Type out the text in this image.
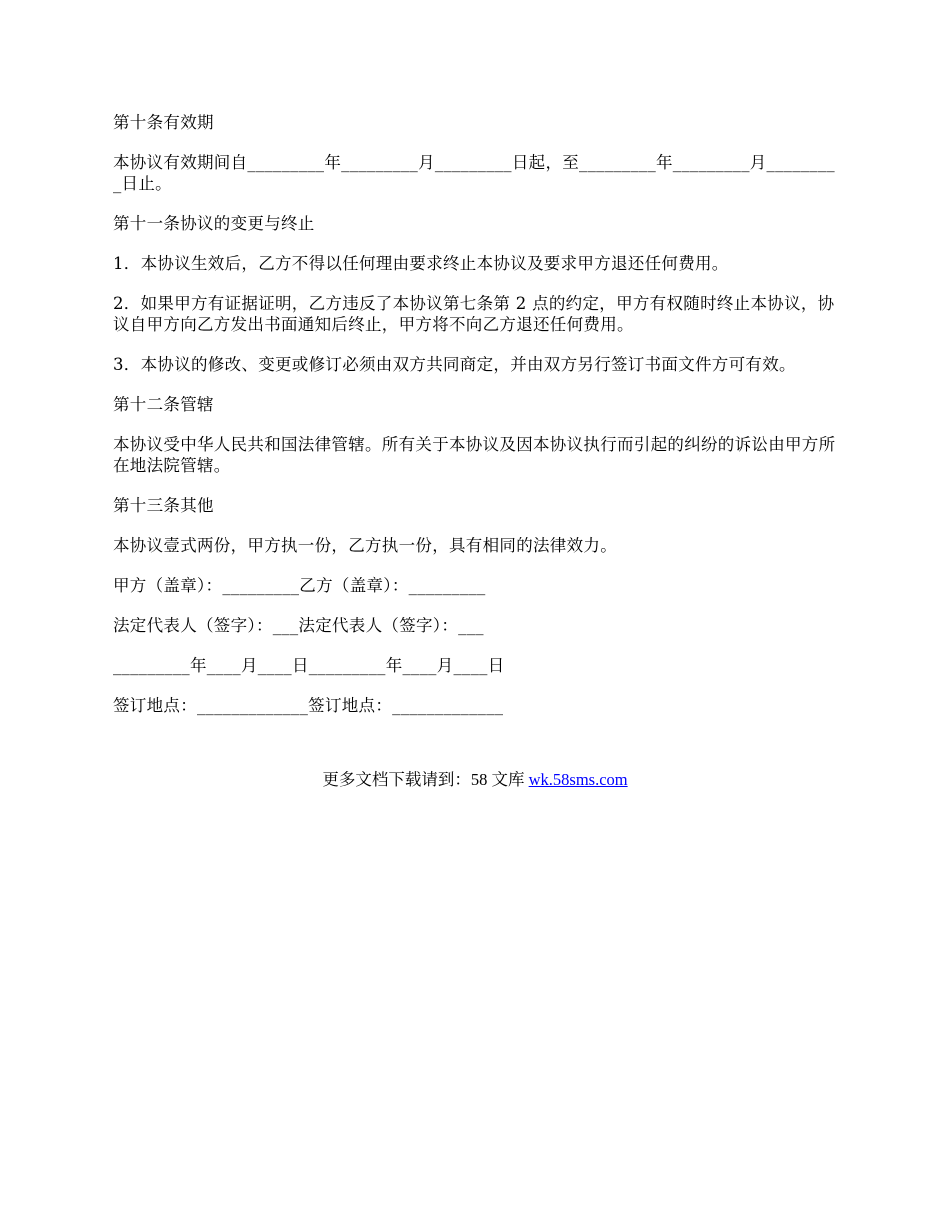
第十条有效期

本协议有效期间自_________年_________月_________日起，至_________年_________月_________日止。

第十一条协议的变更与终止

1．本协议生效后，乙方不得以任何理由要求终止本协议及要求甲方退还任何费用。

2．如果甲方有证据证明，乙方违反了本协议第七条第 2 点的约定，甲方有权随时终止本协议，协议自甲方向乙方发出书面通知后终止，甲方将不向乙方退还任何费用。

3．本协议的修改、变更或修订必须由双方共同商定，并由双方另行签订书面文件方可有效。

第十二条管辖

本协议受中华人民共和国法律管辖。所有关于本协议及因本协议执行而引起的纠纷的诉讼由甲方所在地法院管辖。

第十三条其他

本协议壹式两份，甲方执一份，乙方执一份，具有相同的法律效力。

甲方（盖章）：_________乙方（盖章）：_________

法定代表人（签字）：___法定代表人（签字）：___

_________年____月____日_________年____月____日

签订地点：_____________签订地点：_____________

更多文档下载请到：58 文库 wk.58sms.com
